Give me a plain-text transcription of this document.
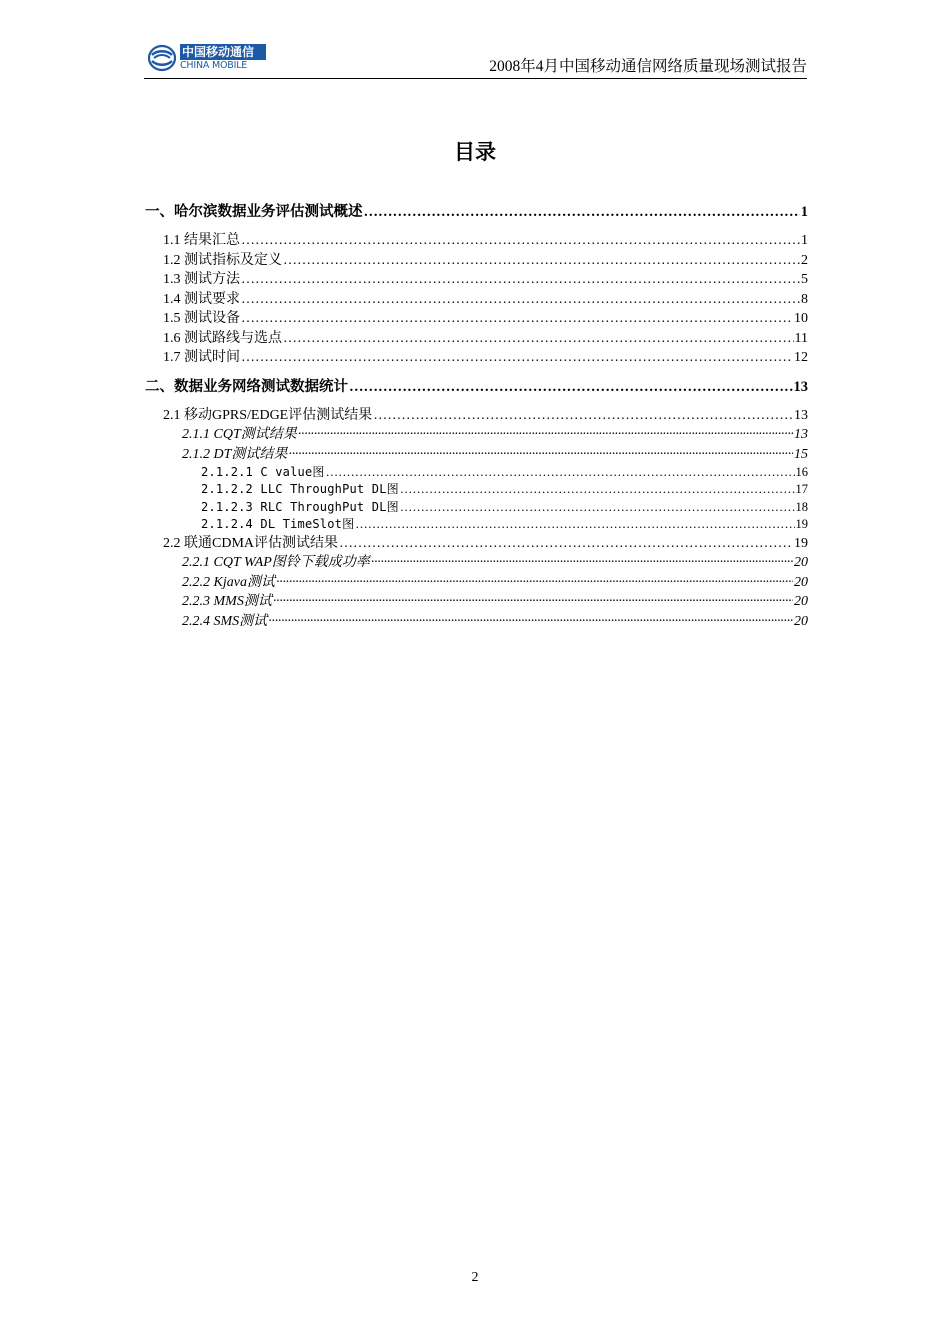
中国移动通信
CHINA MOBILE	2008年4月中国移动通信网络质量现场测试报告
目录
一、哈尔滨数据业务评估测试概述 …………………………………………………………………………………………………………………………………………………………………………………………………	1
1.1 结果汇总 …………………………………………………………………………………………………………………………………………………………………………………………………	1
1.2 测试指标及定义 …………………………………………………………………………………………………………………………………………………………………………………………………	2
1.3 测试方法 …………………………………………………………………………………………………………………………………………………………………………………………………	5
1.4 测试要求 …………………………………………………………………………………………………………………………………………………………………………………………………	8
1.5 测试设备 …………………………………………………………………………………………………………………………………………………………………………………………………	10
1.6 测试路线与选点 …………………………………………………………………………………………………………………………………………………………………………………………………	11
1.7 测试时间 …………………………………………………………………………………………………………………………………………………………………………………………………	12
二、数据业务网络测试数据统计 …………………………………………………………………………………………………………………………………………………………………………………………………	13
2.1 移动GPRS/EDGE评估测试结果 …………………………………………………………………………………………………………………………………………………………………………………………………	13
2.1.1 CQT测试结果 ·····	13
2.1.2 DT测试结果 ·····	15
2.1.2.1 C value图 …………………………………………………………………………………………………………………………………………………………………………………………………	16
2.1.2.2 LLC ThroughPut DL图 …………………………………………………………………………………………………………………………………………………………………………………………………	17
2.1.2.3 RLC ThroughPut DL图 …………………………………………………………………………………………………………………………………………………………………………………………………	18
2.1.2.4 DL TimeSlot图 …………………………………………………………………………………………………………………………………………………………………………………………………	19
2.2 联通CDMA评估测试结果 …………………………………………………………………………………………………………………………………………………………………………………………………	19
2.2.1 CQT WAP图铃下载成功率 ·····	20
2.2.2 Kjava测试 ·····	20
2.2.3 MMS测试 ·····	20
2.2.4 SMS测试 ·····	20
2
